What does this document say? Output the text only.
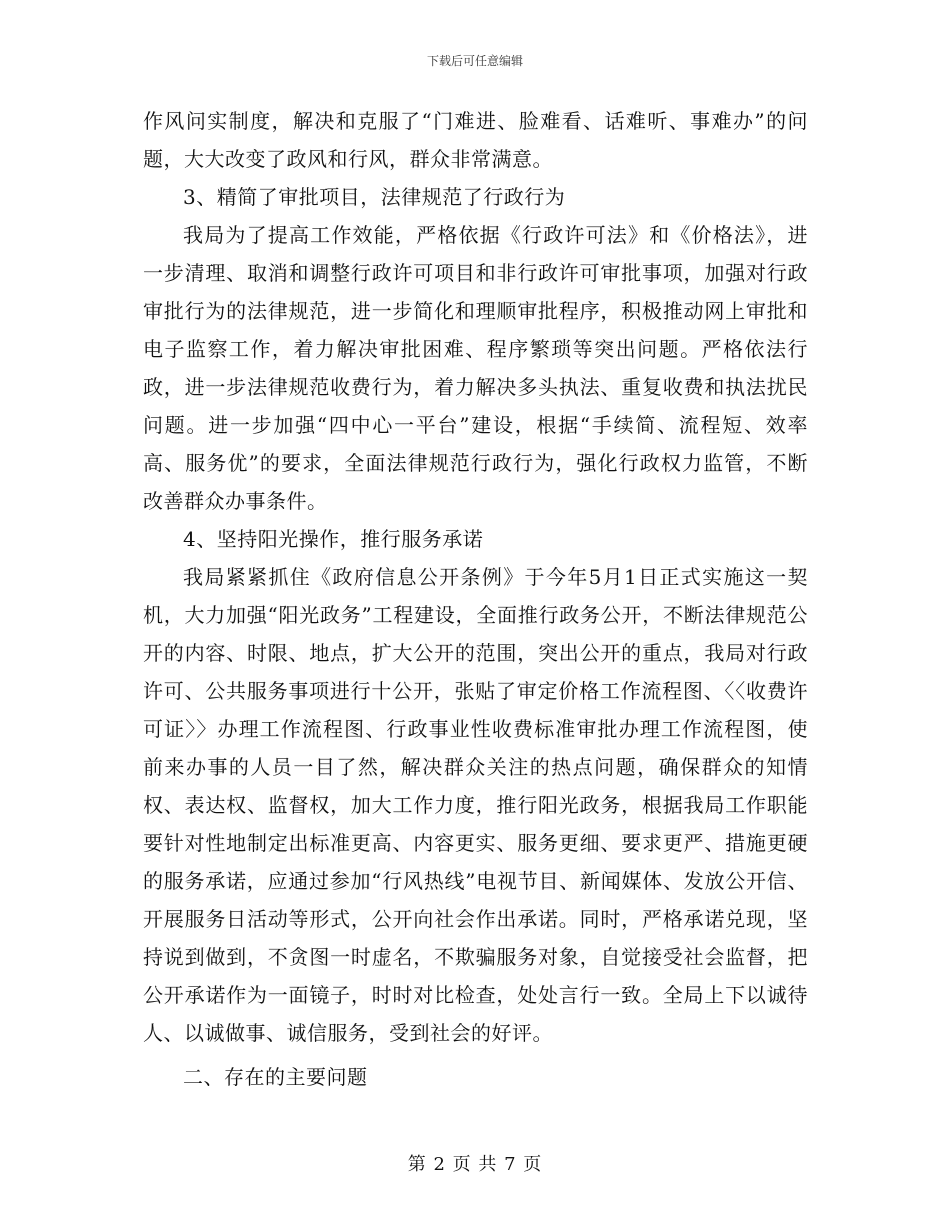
下载后可任意编辑

作风问实制度，解决和克服了“门难进、脸难看、话难听、事难办”的问题，大大改变了政风和行风，群众非常满意。

3、精简了审批项目，法律规范了行政行为

我局为了提高工作效能，严格依据《行政许可法》和《价格法》，进一步清理、取消和调整行政许可项目和非行政许可审批事项，加强对行政审批行为的法律规范，进一步简化和理顺审批程序，积极推动网上审批和电子监察工作，着力解决审批困难、程序繁琐等突出问题。严格依法行政，进一步法律规范收费行为，着力解决多头执法、重复收费和执法扰民问题。进一步加强“四中心一平台”建设，根据“手续简、流程短、效率高、服务优”的要求，全面法律规范行政行为，强化行政权力监管，不断改善群众办事条件。

4、坚持阳光操作，推行服务承诺

我局紧紧抓住《政府信息公开条例》于今年5月1日正式实施这一契机，大力加强“阳光政务”工程建设，全面推行政务公开，不断法律规范公开的内容、时限、地点，扩大公开的范围，突出公开的重点，我局对行政许可、公共服务事项进行十公开，张贴了审定价格工作流程图、〈〈收费许可证〉〉办理工作流程图、行政事业性收费标准审批办理工作流程图，使前来办事的人员一目了然，解决群众关注的热点问题，确保群众的知情权、表达权、监督权，加大工作力度，推行阳光政务，根据我局工作职能要针对性地制定出标准更高、内容更实、服务更细、要求更严、措施更硬的服务承诺，应通过参加“行风热线”电视节目、新闻媒体、发放公开信、开展服务日活动等形式，公开向社会作出承诺。同时，严格承诺兑现，坚持说到做到，不贪图一时虚名，不欺骗服务对象，自觉接受社会监督，把公开承诺作为一面镜子，时时对比检查，处处言行一致。全局上下以诚待人、以诚做事、诚信服务，受到社会的好评。

二、存在的主要问题

第 2 页 共 7 页
